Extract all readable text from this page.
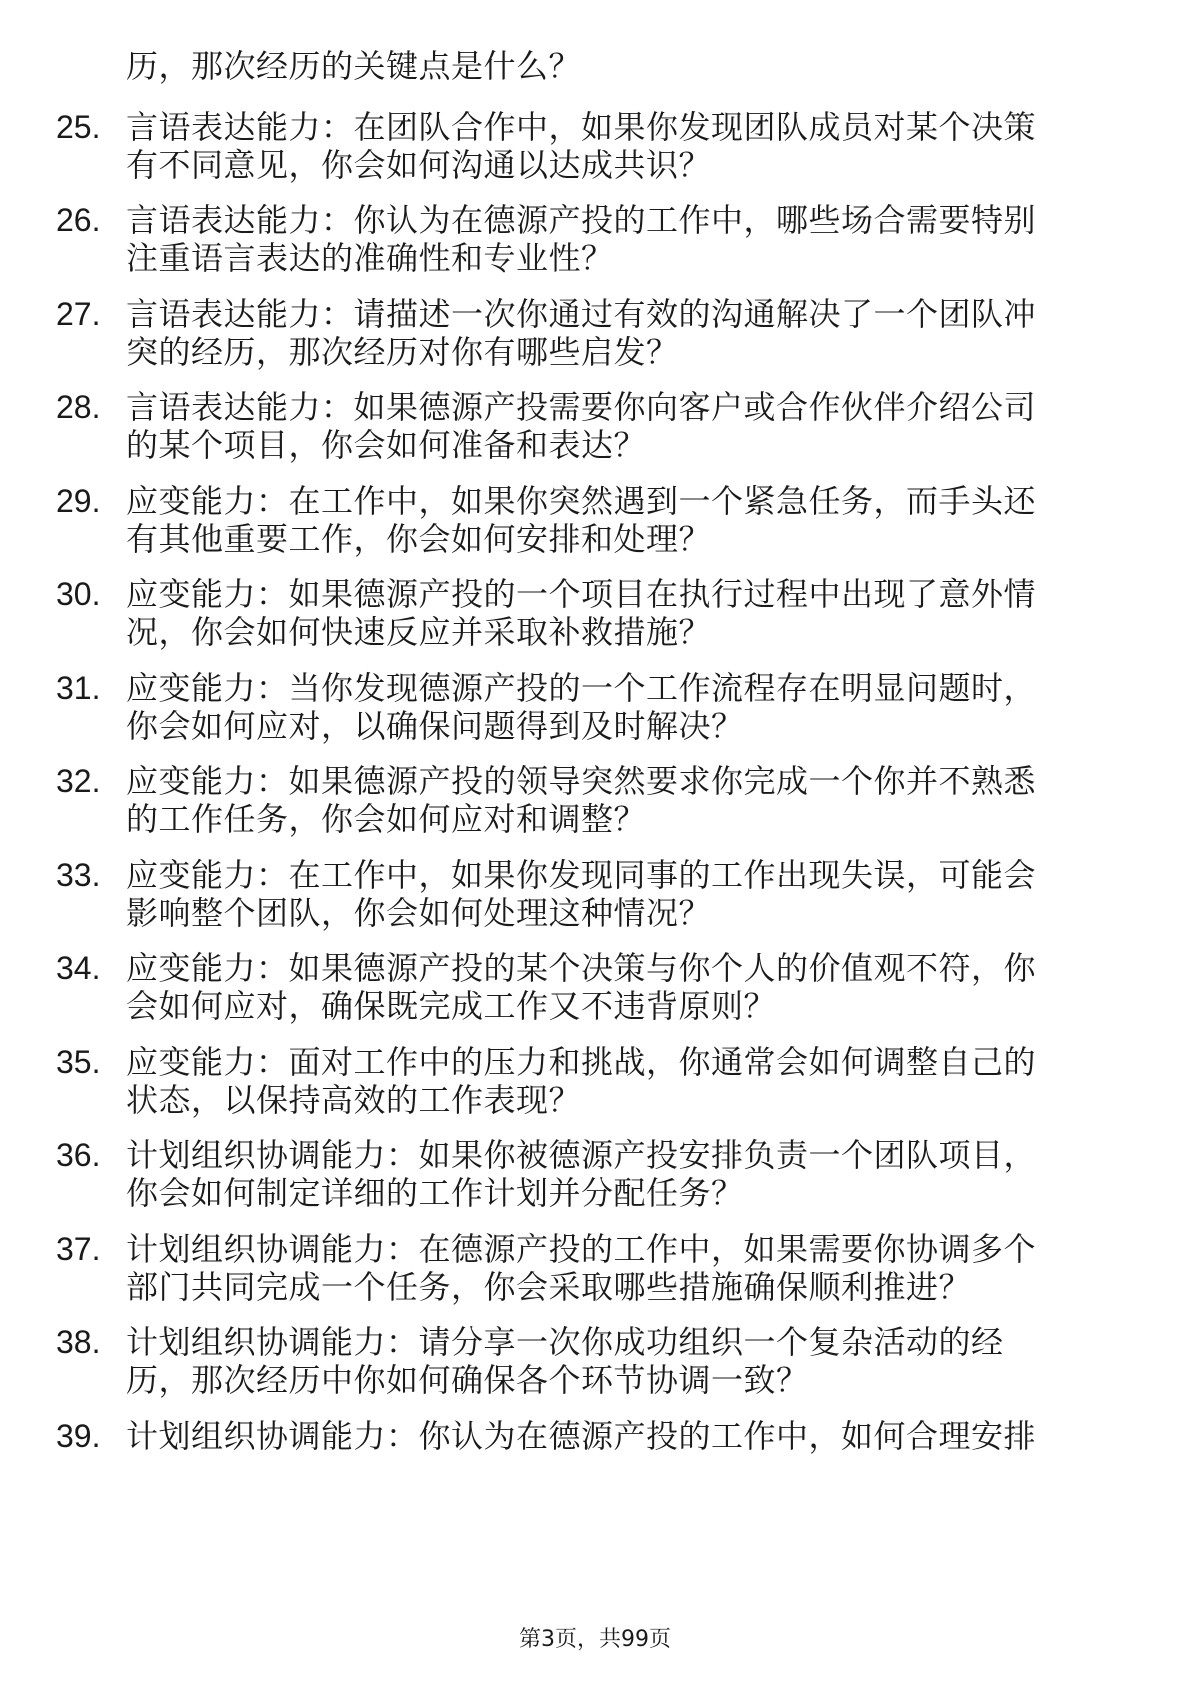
历，那次经历的关键点是什么？
25. 言语表达能力：在团队合作中，如果你发现团队成员对某个决策
有不同意见，你会如何沟通以达成共识？
26. 言语表达能力：你认为在德源产投的工作中，哪些场合需要特别
注重语言表达的准确性和专业性？
27. 言语表达能力：请描述一次你通过有效的沟通解决了一个团队冲
突的经历，那次经历对你有哪些启发？
28. 言语表达能力：如果德源产投需要你向客户或合作伙伴介绍公司
的某个项目，你会如何准备和表达？
29. 应变能力：在工作中，如果你突然遇到一个紧急任务，而手头还
有其他重要工作，你会如何安排和处理？
30. 应变能力：如果德源产投的一个项目在执行过程中出现了意外情
况，你会如何快速反应并采取补救措施？
31. 应变能力：当你发现德源产投的一个工作流程存在明显问题时，
你会如何应对，以确保问题得到及时解决？
32. 应变能力：如果德源产投的领导突然要求你完成一个你并不熟悉
的工作任务，你会如何应对和调整？
33. 应变能力：在工作中，如果你发现同事的工作出现失误，可能会
影响整个团队，你会如何处理这种情况？
34. 应变能力：如果德源产投的某个决策与你个人的价值观不符，你
会如何应对，确保既完成工作又不违背原则？
35. 应变能力：面对工作中的压力和挑战，你通常会如何调整自己的
状态，以保持高效的工作表现？
36. 计划组织协调能力：如果你被德源产投安排负责一个团队项目，
你会如何制定详细的工作计划并分配任务？
37. 计划组织协调能力：在德源产投的工作中，如果需要你协调多个
部门共同完成一个任务，你会采取哪些措施确保顺利推进？
38. 计划组织协调能力：请分享一次你成功组织一个复杂活动的经
历，那次经历中你如何确保各个环节协调一致？
39. 计划组织协调能力：你认为在德源产投的工作中，如何合理安排
第3页，共99页
